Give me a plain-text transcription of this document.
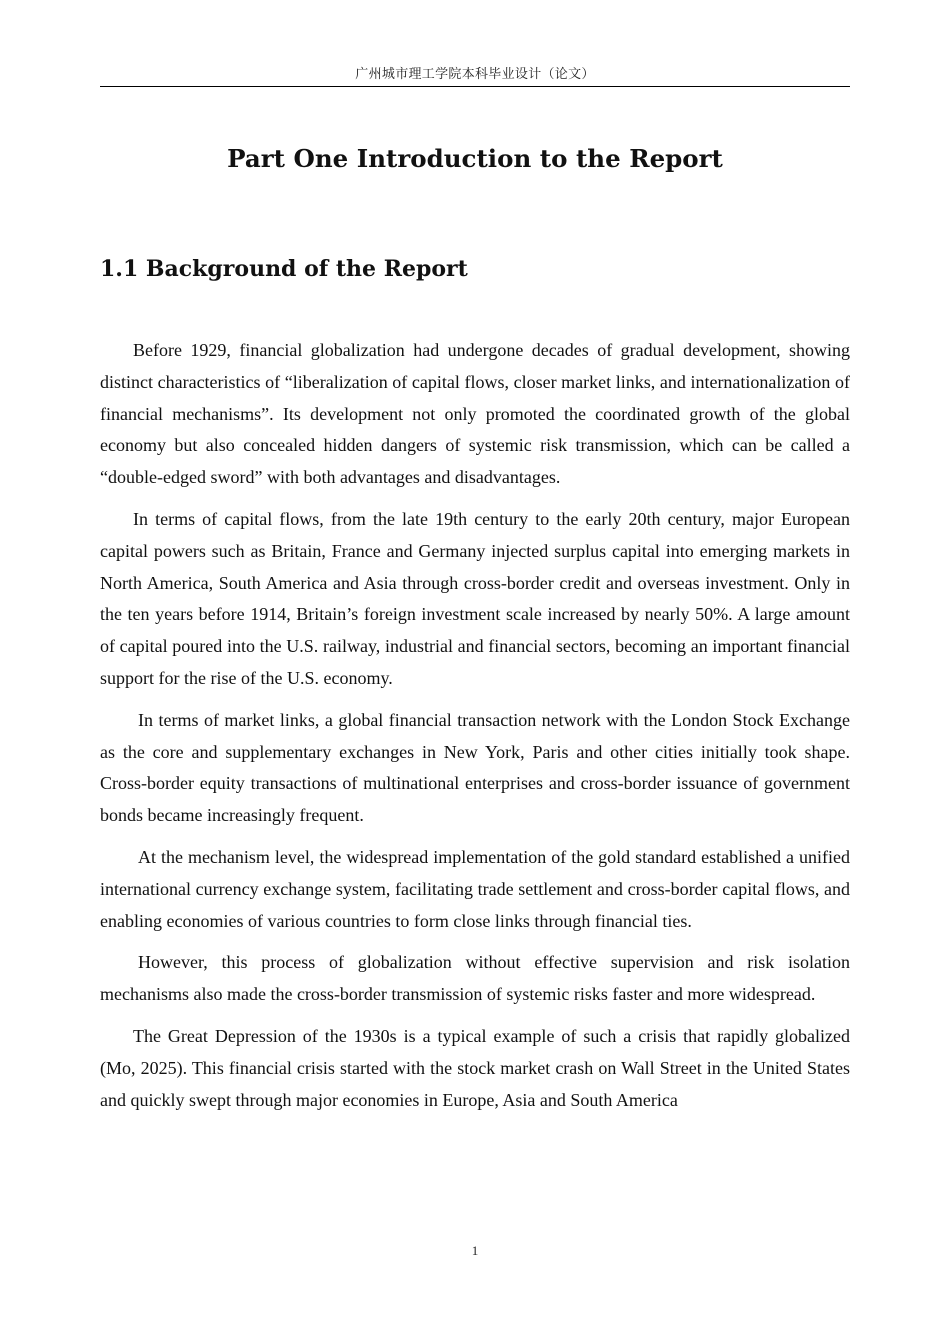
广州城市理工学院本科毕业设计（论文）
Part One Introduction to the Report
1.1 Background of the Report

Before 1929, financial globalization had undergone decades of gradual development, showing distinct characteristics of “liberalization of capital flows, closer market links, and internationalization of financial mechanisms”. Its development not only promoted the coordinated growth of the global economy but also concealed hidden dangers of systemic risk transmission, which can be called a “double-edged sword” with both advantages and disadvantages.

In terms of capital flows, from the late 19th century to the early 20th century, major European capital powers such as Britain, France and Germany injected surplus capital into emerging markets in North America, South America and Asia through cross-border credit and overseas investment. Only in the ten years before 1914, Britain’s foreign investment scale increased by nearly 50%. A large amount of capital poured into the U.S. railway, industrial and financial sectors, becoming an important financial support for the rise of the U.S. economy.

In terms of market links, a global financial transaction network with the London Stock Exchange as the core and supplementary exchanges in New York, Paris and other cities initially took shape. Cross-border equity transactions of multinational enterprises and cross-border issuance of government bonds became increasingly frequent.

At the mechanism level, the widespread implementation of the gold standard established a unified international currency exchange system, facilitating trade settlement and cross-border capital flows, and enabling economies of various countries to form close links through financial ties.

However, this process of globalization without effective supervision and risk isolation mechanisms also made the cross-border transmission of systemic risks faster and more widespread.

The Great Depression of the 1930s is a typical example of such a crisis that rapidly globalized (Mo, 2025). This financial crisis started with the stock market crash on Wall Street in the United States and quickly swept through major economies in Europe, Asia and South America

1
